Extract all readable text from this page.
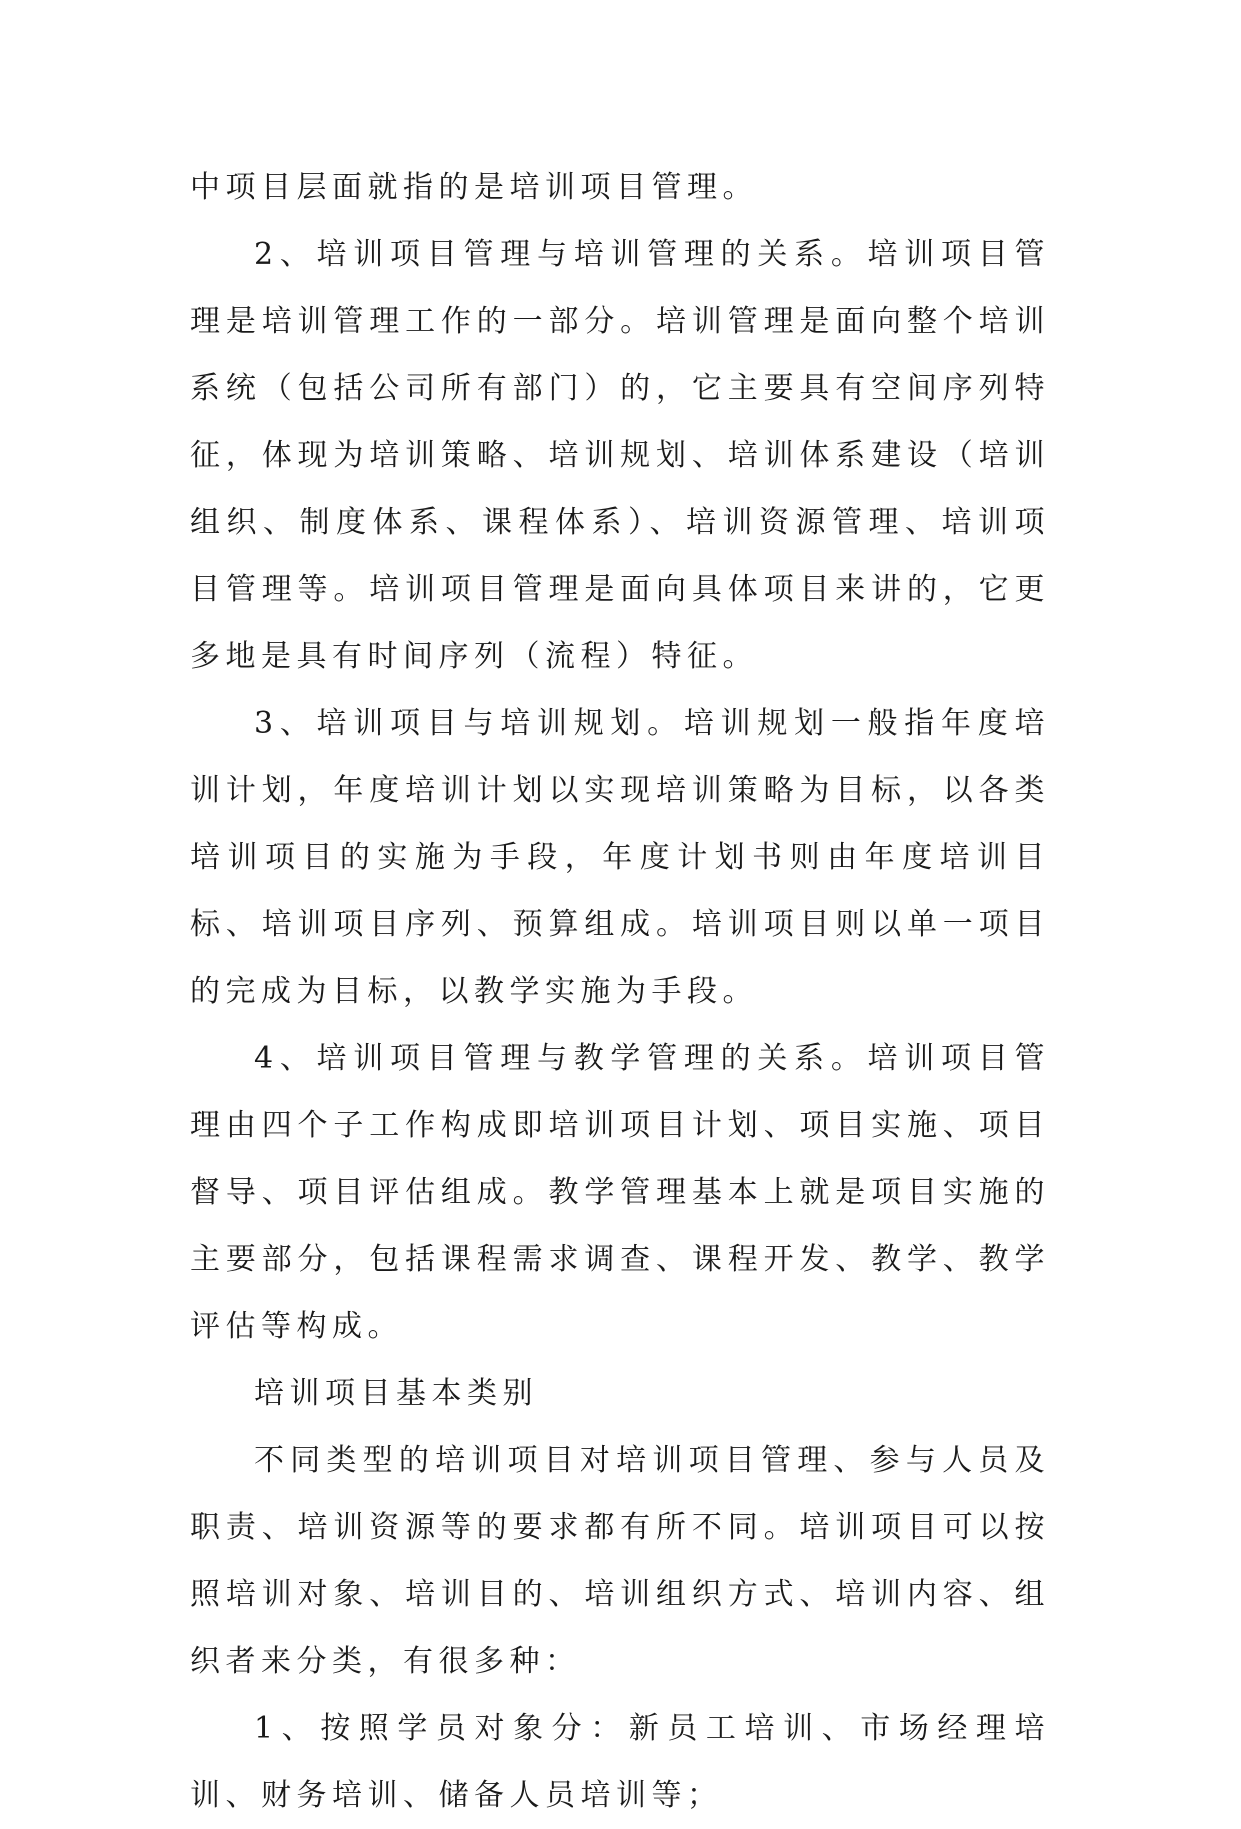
中项目层面就指的是培训项目管理。

2、培训项目管理与培训管理的关系。培训项目管理是培训管理工作的一部分。培训管理是面向整个培训系统（包括公司所有部门）的，它主要具有空间序列特征，体现为培训策略、培训规划、培训体系建设（培训组织、制度体系、课程体系）、培训资源管理、培训项目管理等。培训项目管理是面向具体项目来讲的，它更多地是具有时间序列（流程）特征。

3、培训项目与培训规划。培训规划一般指年度培训计划，年度培训计划以实现培训策略为目标，以各类培训项目的实施为手段，年度计划书则由年度培训目标、培训项目序列、预算组成。培训项目则以单一项目的完成为目标，以教学实施为手段。

4、培训项目管理与教学管理的关系。培训项目管理由四个子工作构成即培训项目计划、项目实施、项目督导、项目评估组成。教学管理基本上就是项目实施的主要部分，包括课程需求调查、课程开发、教学、教学评估等构成。

培训项目基本类别

不同类型的培训项目对培训项目管理、参与人员及职责、培训资源等的要求都有所不同。培训项目可以按照培训对象、培训目的、培训组织方式、培训内容、组织者来分类，有很多种：

1、按照学员对象分：新员工培训、市场经理培训、财务培训、储备人员培训等；
